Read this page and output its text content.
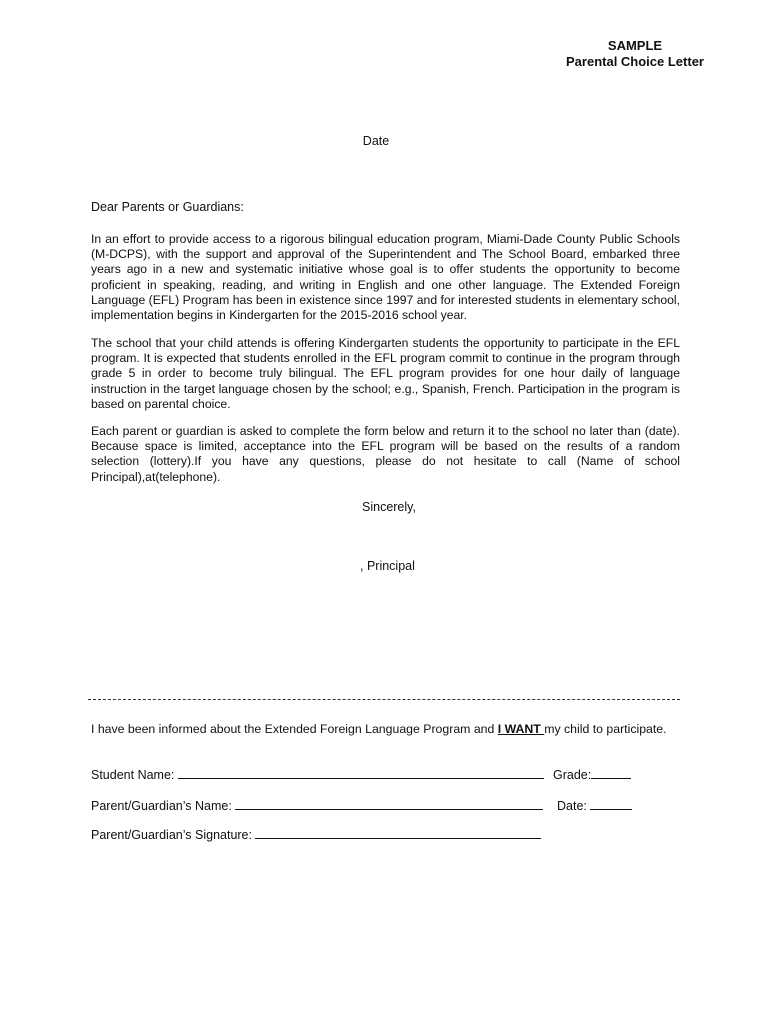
SAMPLE
Parental Choice Letter
Date
Dear Parents or Guardians:
In an effort to provide access to a rigorous bilingual education program, Miami-Dade County Public Schools (M-DCPS), with the support and approval of the Superintendent and The School Board, embarked three years ago in a new and systematic initiative whose goal is to offer students the opportunity to become proficient in speaking, reading, and writing in English and one other language. The Extended Foreign Language (EFL) Program has been in existence since 1997 and for interested students in elementary school, implementation begins in Kindergarten for the 2015-2016 school year.
The school that your child attends is offering Kindergarten students the opportunity to participate in the EFL program. It is expected that students enrolled in the EFL program commit to continue in the program through grade 5 in order to become truly bilingual. The EFL program provides for one hour daily of language instruction in the target language chosen by the school; e.g., Spanish, French. Participation in the program is based on parental choice.
Each parent or guardian is asked to complete the form below and return it to the school no later than (date). Because space is limited, acceptance into the EFL program will be based on the results of a random selection (lottery).If you have any questions, please do not hesitate to call (Name of school Principal),at(telephone).
Sincerely,
, Principal
I have been informed about the Extended Foreign Language Program and I WANT my child to participate.
Student Name:	Grade:
Parent/Guardian’s Name:	Date:
Parent/Guardian’s Signature:
